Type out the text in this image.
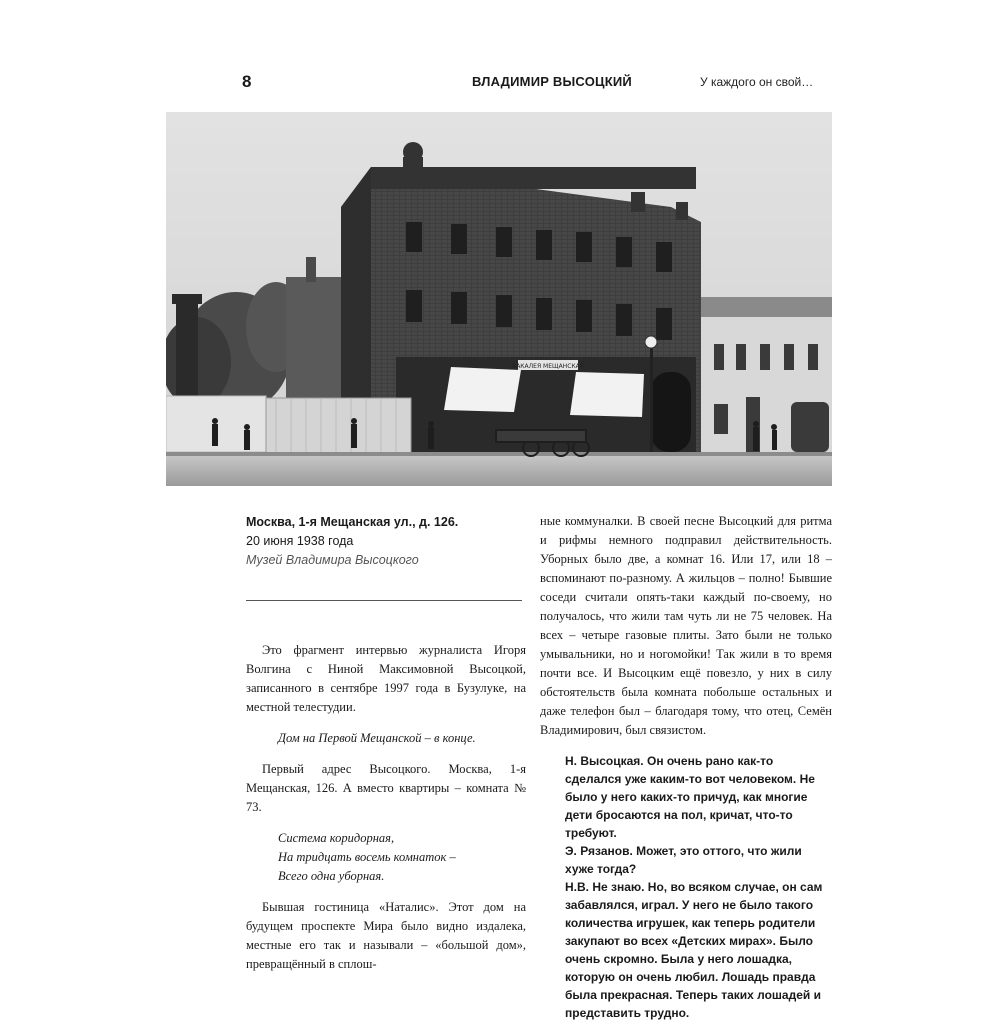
8	ВЛАДИМИР ВЫСОЦКИЙ	У каждого он свой…
БАКАЛЕЯ МЕЩАНСКАЯ
Москва, 1-я Мещанская ул., д. 126.
20 июня 1938 года
Музей Владимира Высоцкого

Это фрагмент интервью журналиста Игоря Волгина с Ниной Максимовной Высоцкой, записанного в сентябре 1997 года в Бузулуке, на местной телестудии.

Дом на Первой Мещанской – в конце.

Первый адрес Высоцкого. Москва, 1-я Мещанская, 126. А вместо квартиры – комната № 73.

Система коридорная,

На тридцать восемь комнаток –

Всего одна уборная.

Бывшая гостиница «Наталис». Этот дом на будущем проспекте Мира было видно издалека, местные его так и называли – «большой дом», превращённый в сплош-

ные коммуналки. В своей песне Высоцкий для ритма и рифмы немного подправил действительность. Уборных было две, а комнат 16. Или 17, или 18 – вспоминают по-разному. А жильцов – полно! Бывшие соседи считали опять-таки каждый по-своему, но получалось, что жили там чуть ли не 75 человек. На всех – четыре газовые плиты. Зато были не только умывальники, но и ногомойки! Так жили в то время почти все. И Высоцким ещё повезло, у них в силу обстоятельств была комната побольше остальных и даже телефон был – благодаря тому, что отец, Семён Владимирович, был связистом.

Н. Высоцкая. Он очень рано как-то сделался уже каким-то вот человеком. Не было у него каких-то причуд, как многие дети бросаются на пол, кричат, что-то требуют.

Э. Рязанов. Может, это оттого, что жили хуже тогда?

Н.В. Не знаю. Но, во всяком случае, он сам забавлялся, играл. У него не было такого количества игрушек, как теперь родители закупают во всех «Детских мирах». Было очень скромно. Была у него лошадка, которую он очень любил. Лошадь правда была прекрасная. Теперь таких лошадей и представить трудно.
